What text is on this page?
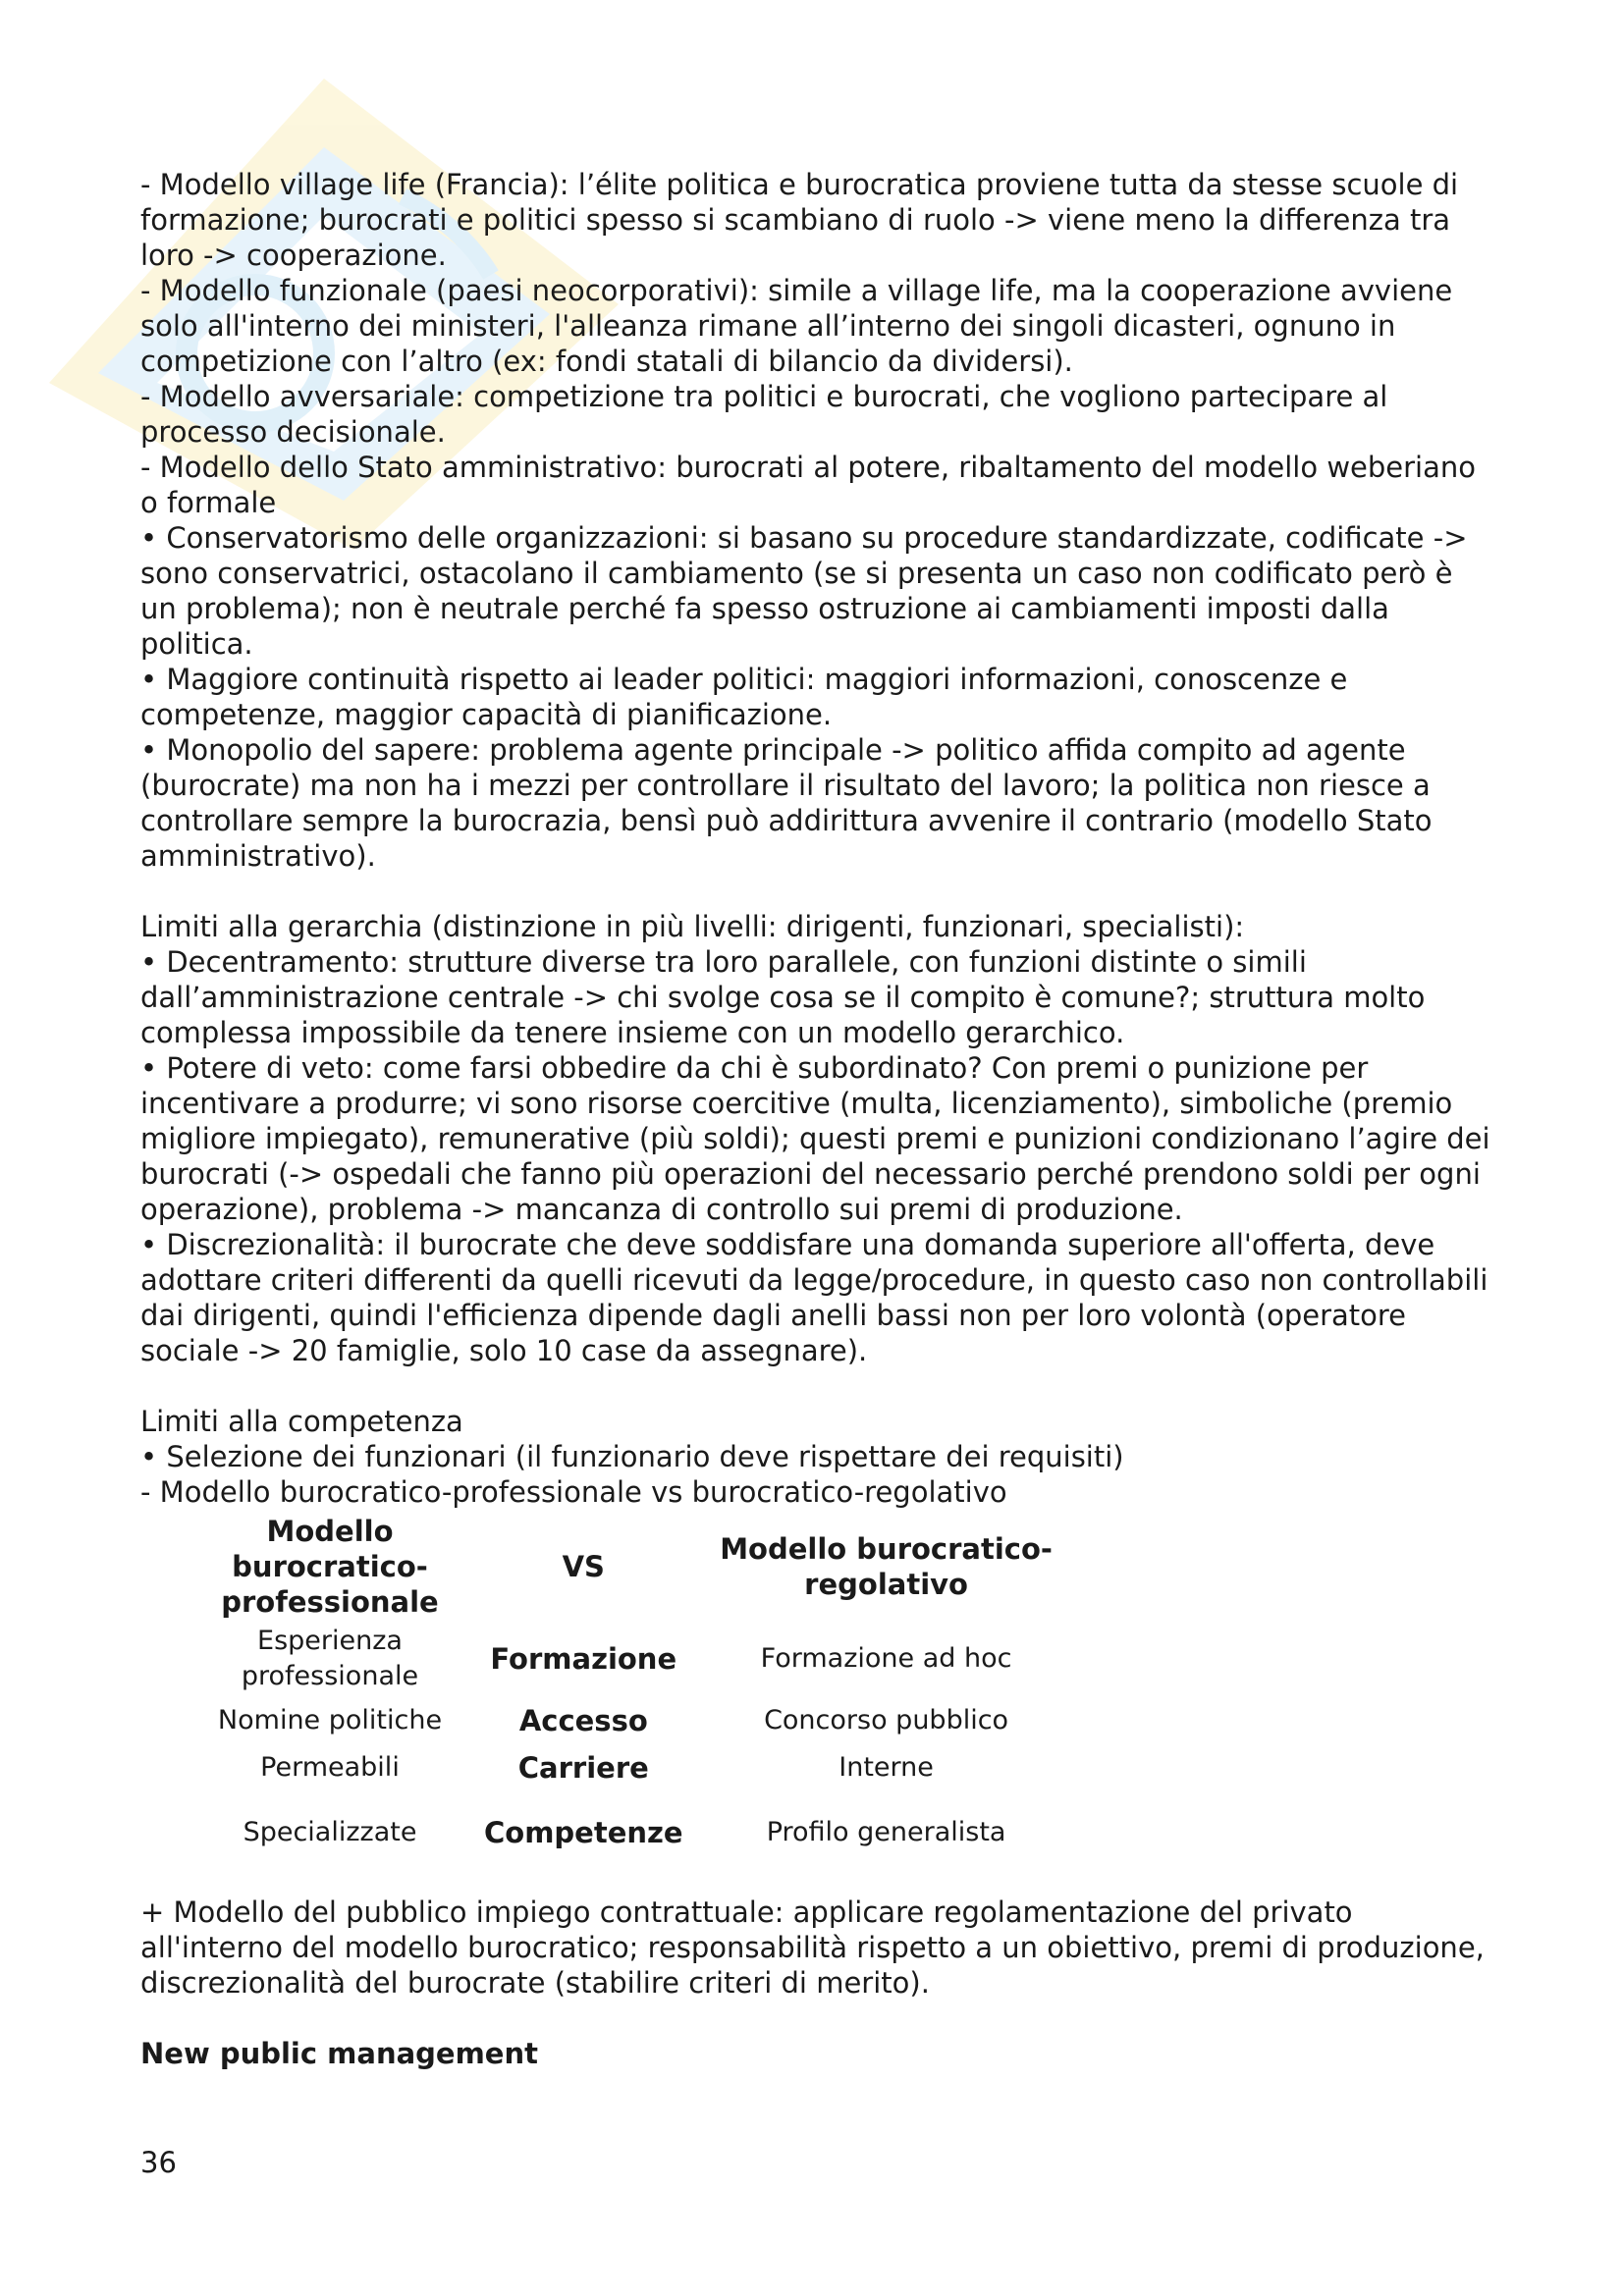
- Modello village life (Francia): l’élite politica e burocratica proviene tutta da stesse scuole di formazione; burocrati e politici spesso si scambiano di ruolo -> viene meno la differenza tra loro -> cooperazione.

- Modello funzionale (paesi neocorporativi): simile a village life, ma la cooperazione avviene solo all'interno dei ministeri, l'alleanza rimane all’interno dei singoli dicasteri, ognuno in competizione con l’altro (ex: fondi statali di bilancio da dividersi).

- Modello avversariale: competizione tra politici e burocrati, che vogliono partecipare al processo decisionale.

- Modello dello Stato amministrativo: burocrati al potere, ribaltamento del modello weberiano o formale

• Conservatorismo delle organizzazioni: si basano su procedure standardizzate, codificate -> sono conservatrici, ostacolano il cambiamento (se si presenta un caso non codificato però è un problema); non è neutrale perché fa spesso ostruzione ai cambiamenti imposti dalla politica.

• Maggiore continuità rispetto ai leader politici: maggiori informazioni, conoscenze e competenze, maggior capacità di pianificazione.

• Monopolio del sapere: problema agente principale -> politico affida compito ad agente (burocrate) ma non ha i mezzi per controllare il risultato del lavoro; la politica non riesce a controllare sempre la burocrazia, bensì può addirittura avvenire il contrario (modello Stato amministrativo).

Limiti alla gerarchia (distinzione in più livelli: dirigenti, funzionari, specialisti):

• Decentramento: strutture diverse tra loro parallele, con funzioni distinte o simili dall’amministrazione centrale -> chi svolge cosa se il compito è comune?; struttura molto complessa impossibile da tenere insieme con un modello gerarchico.

• Potere di veto: come farsi obbedire da chi è subordinato? Con premi o punizione per incentivare a produrre; vi sono risorse coercitive (multa, licenziamento), simboliche (premio migliore impiegato), remunerative (più soldi); questi premi e punizioni condizionano l’agire dei burocrati (-> ospedali che fanno più operazioni del necessario perché prendono soldi per ogni operazione), problema -> mancanza di controllo sui premi di produzione.

• Discrezionalità: il burocrate che deve soddisfare una domanda superiore all'offerta, deve adottare criteri differenti da quelli ricevuti da legge/procedure, in questo caso non controllabili dai dirigenti, quindi l'efficienza dipende dagli anelli bassi non per loro volontà (operatore sociale -> 20 famiglie, solo 10 case da assegnare).

Limiti alla competenza

• Selezione dei funzionari (il funzionario deve rispettare dei requisiti)

- Modello burocratico-professionale vs burocratico-regolativo

Modello burocratico-professionale	VS	Modello burocratico-regolativo
Esperienza professionale	Formazione	Formazione ad hoc
Nomine politiche	Accesso	Concorso pubblico
Permeabili	Carriere	Interne
Specializzate	Competenze	Profilo generalista

+ Modello del pubblico impiego contrattuale: applicare regolamentazione del privato all'interno del modello burocratico; responsabilità rispetto a un obiettivo, premi di produzione, discrezionalità del burocrate (stabilire criteri di merito).

New public management

36
